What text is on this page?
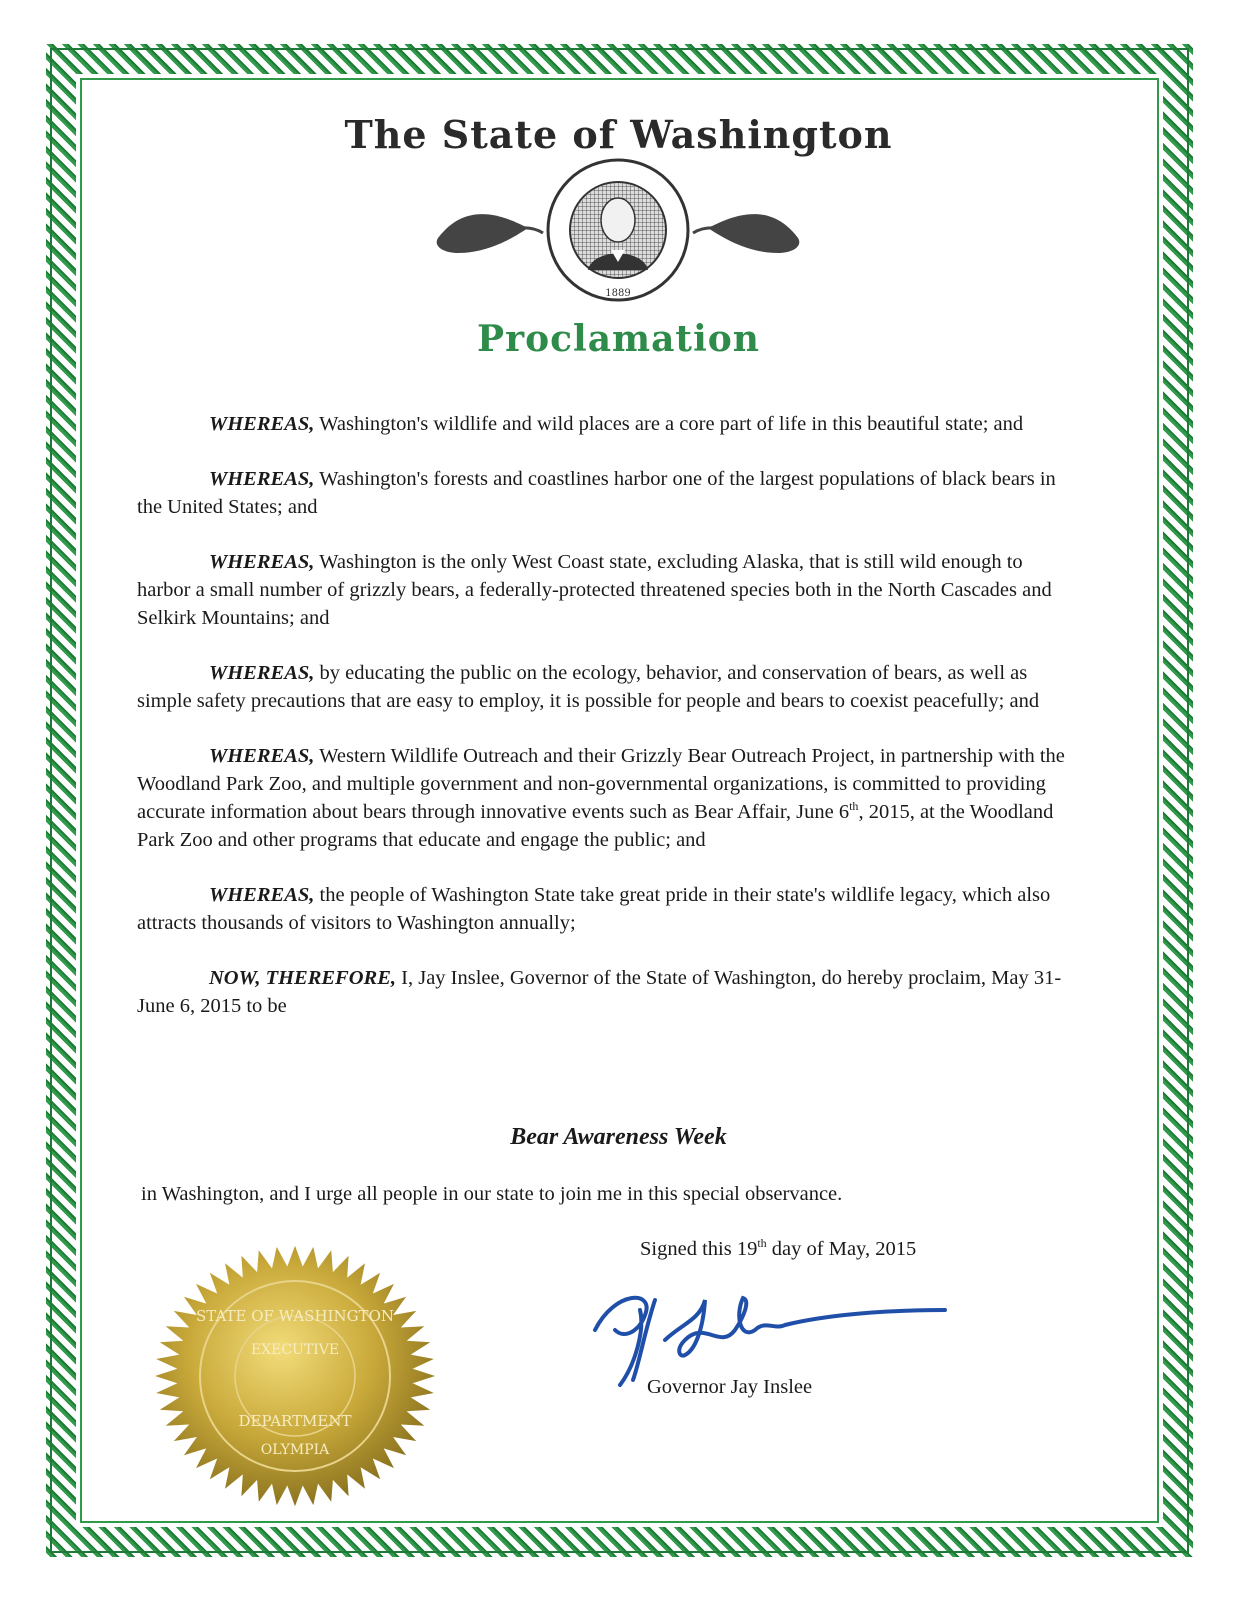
The State of Washington
1889
Proclamation

WHEREAS, Washington's wildlife and wild places are a core part of life in this beautiful state; and

WHEREAS, Washington's forests and coastlines harbor one of the largest populations of black bears in the United States; and

WHEREAS, Washington is the only West Coast state, excluding Alaska, that is still wild enough to harbor a small number of grizzly bears, a federally-protected threatened species both in the North Cascades and Selkirk Mountains; and

WHEREAS, by educating the public on the ecology, behavior, and conservation of bears, as well as simple safety precautions that are easy to employ, it is possible for people and bears to coexist peacefully; and

WHEREAS, Western Wildlife Outreach and their Grizzly Bear Outreach Project, in partnership with the Woodland Park Zoo, and multiple government and non-governmental organizations, is committed to providing accurate information about bears through innovative events such as Bear Affair, June 6th, 2015, at the Woodland Park Zoo and other programs that educate and engage the public; and

WHEREAS, the people of Washington State take great pride in their state's wildlife legacy, which also attracts thousands of visitors to Washington annually;

NOW, THEREFORE, I, Jay Inslee, Governor of the State of Washington, do hereby proclaim, May 31-June 6, 2015 to be

Bear Awareness Week
in Washington, and I urge all people in our state to join me in this special observance.
Signed this 19th day of May, 2015
Governor Jay Inslee
STATE OF WASHINGTON
EXECUTIVE
DEPARTMENT
OLYMPIA
